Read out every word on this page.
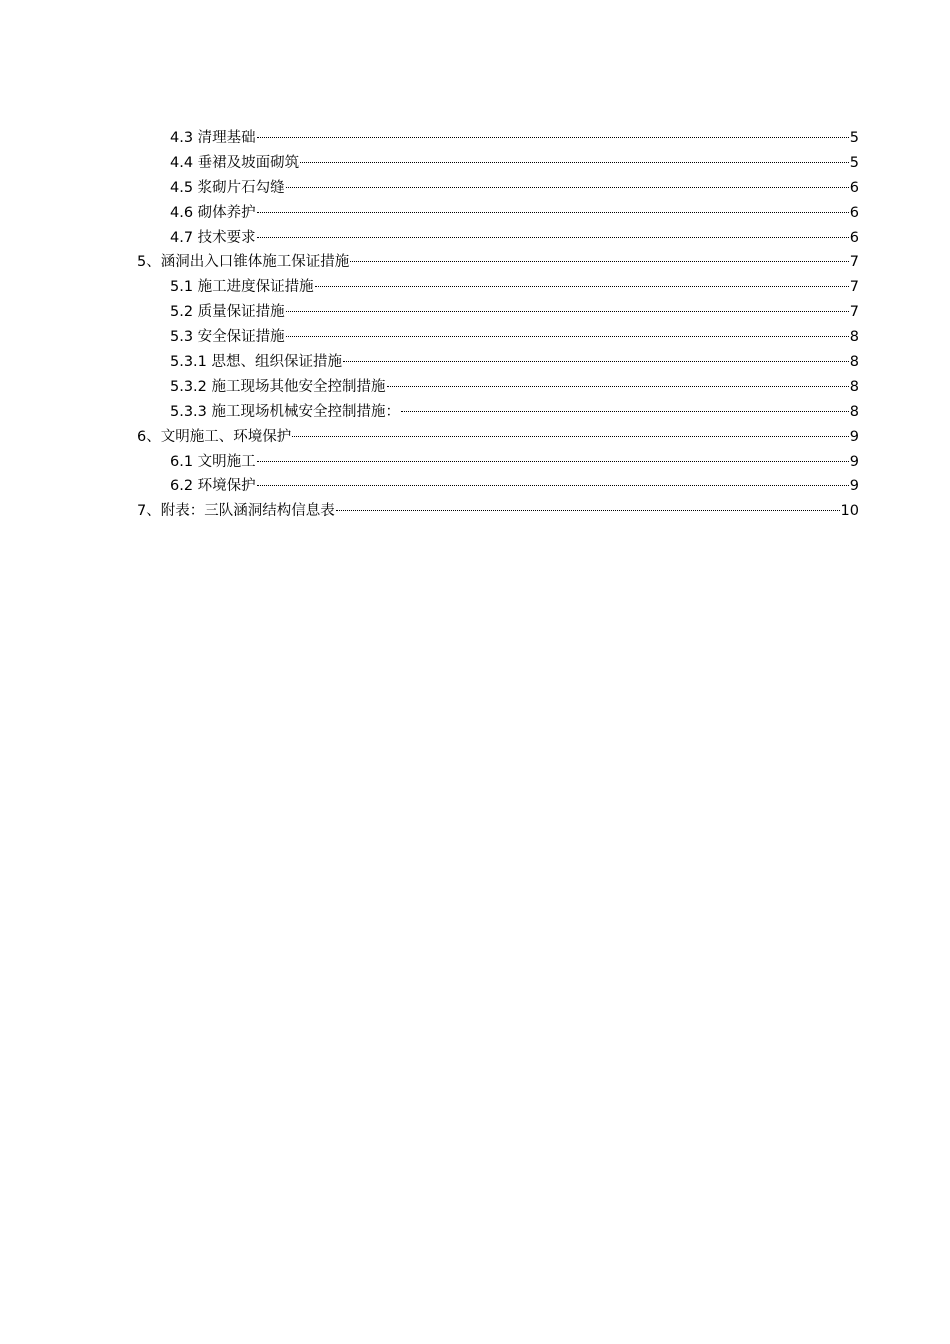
4.3 清理基础	5
4.4 垂裙及坡面砌筑	5
4.5 浆砌片石勾缝	6
4.6 砌体养护	6
4.7 技术要求	6
5、涵洞出入口锥体施工保证措施	7
5.1 施工进度保证措施	7
5.2 质量保证措施	7
5.3 安全保证措施	8
5.3.1 思想、组织保证措施	8
5.3.2 施工现场其他安全控制措施	8
5.3.3 施工现场机械安全控制措施：	8
6、文明施工、环境保护	9
6.1 文明施工	9
6.2 环境保护	9
7、附表：三队涵洞结构信息表	10
